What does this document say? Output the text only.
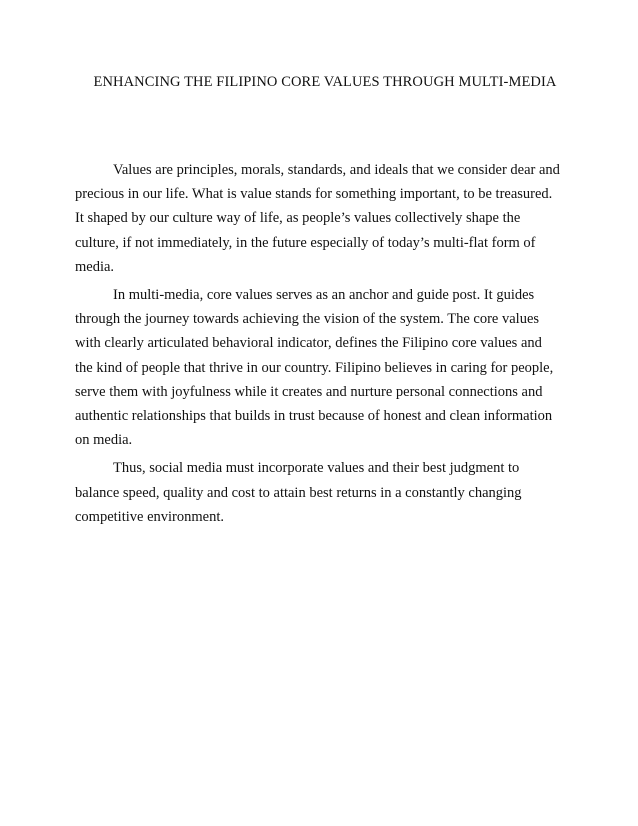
ENHANCING THE FILIPINO CORE VALUES THROUGH MULTI-MEDIA

Values are principles, morals, standards, and ideals that we consider dear and precious in our life. What is value stands for something important, to be treasured. It shaped by our culture way of life, as people’s values collectively shape the culture, if not immediately, in the future especially of today’s multi-flat form of media.

In multi-media, core values serves as an anchor and guide post. It guides through the journey towards achieving the vision of the system. The core values with clearly articulated behavioral indicator, defines the Filipino core values and the kind of people that thrive in our country. Filipino believes in caring for people, serve them with joyfulness while it creates and nurture personal connections and authentic relationships that builds in trust because of honest and clean information on media.

Thus, social media must incorporate values and their best judgment to balance speed, quality and cost to attain best returns in a constantly changing competitive environment.
